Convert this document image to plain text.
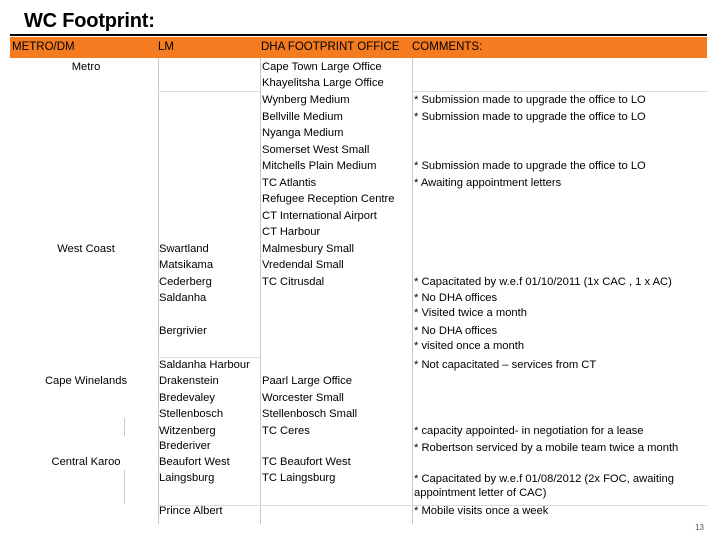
WC Footprint:
METRO/DM	LM	DHA FOOTPRINT OFFICE COMMENTS:
Metro
West Coast
Cape Winelands
Central Karoo
Swartland
Matsikama
Cederberg
Saldanha
Bergrivier
Saldanha Harbour
Drakenstein
Bredevaley
Stellenbosch
Witzenberg
Brederiver
Beaufort West
Laingsburg
Prince Albert
Cape Town Large Office
Khayelitsha Large Office
Wynberg Medium
Bellville Medium
Nyanga Medium
Somerset West Small
Mitchells Plain Medium
TC Atlantis
Refugee Reception Centre
CT International Airport
CT Harbour
Malmesbury Small
Vredendal Small
TC Citrusdal
Paarl Large Office
Worcester Small
Stellenbosch Small
TC Ceres
TC Beaufort West
TC Laingsburg
* Submission made to upgrade the office to LO
* Submission made to upgrade the office to LO
* Submission made to upgrade the office to LO
* Awaiting appointment letters
* Capacitated by w.e.f 01/10/2011 (1x CAC , 1 x AC)
* No DHA offices
* Visited twice a month
* No DHA offices
* visited once a month
* Not capacitated – services from CT
* capacity appointed- in negotiation for a lease
* Robertson serviced by a mobile team twice a month
* Capacitated by w.e.f 01/08/2012 (2x FOC, awaiting
appointment letter of CAC)
* Mobile visits once a week
13
